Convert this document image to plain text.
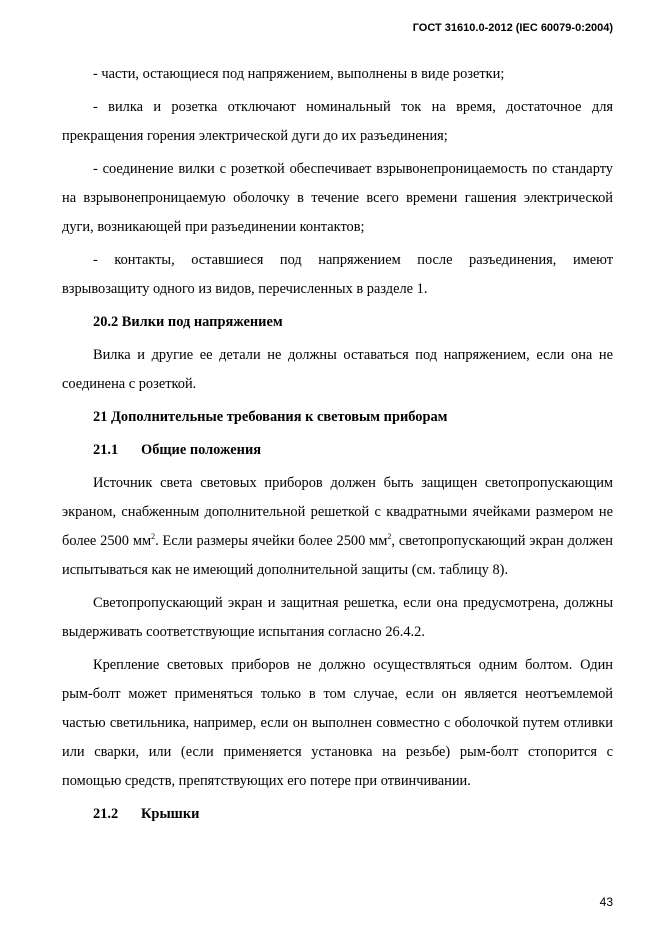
ГОСТ 31610.0-2012 (IEC 60079-0:2004)

- части, остающиеся под напряжением, выполнены в виде розетки;

- вилка и розетка отключают номинальный ток на время, достаточное для прекращения горения электрической дуги до их разъединения;

- соединение вилки с розеткой обеспечивает взрывонепроницаемость по стандарту на взрывонепроницаемую оболочку в течение всего времени гашения электрической дуги, возникающей при разъединении контактов;

- контакты, оставшиеся под напряжением после разъединения, имеют взрывозащиту одного из видов, перечисленных в разделе 1.

20.2 Вилки под напряжением

Вилка и другие ее детали не должны оставаться под напряжением, если она не соединена с розеткой.

21 Дополнительные требования к световым приборам

21.1 Общие положения

Источник света световых приборов должен быть защищен светопропускающим экраном, снабженным дополнительной решеткой с квадратными ячейками размером не более 2500 $мм^2$. Если размеры ячейки более 2500 $мм^2$, светопропускающий экран должен испытываться как не имеющий дополнительной защиты (см. таблицу 8).

Светопропускающий экран и защитная решетка, если она предусмотрена, должны выдерживать соответствующие испытания согласно 26.4.2.

Крепление световых приборов не должно осуществляться одним болтом. Один рым-болт может применяться только в том случае, если он является неотъемлемой частью светильника, например, если он выполнен совместно с оболочкой путем отливки или сварки, или (если применяется установка на резьбе) рым-болт стопорится с помощью средств, препятствующих его потере при отвинчивании.

21.2 Крышки

43
